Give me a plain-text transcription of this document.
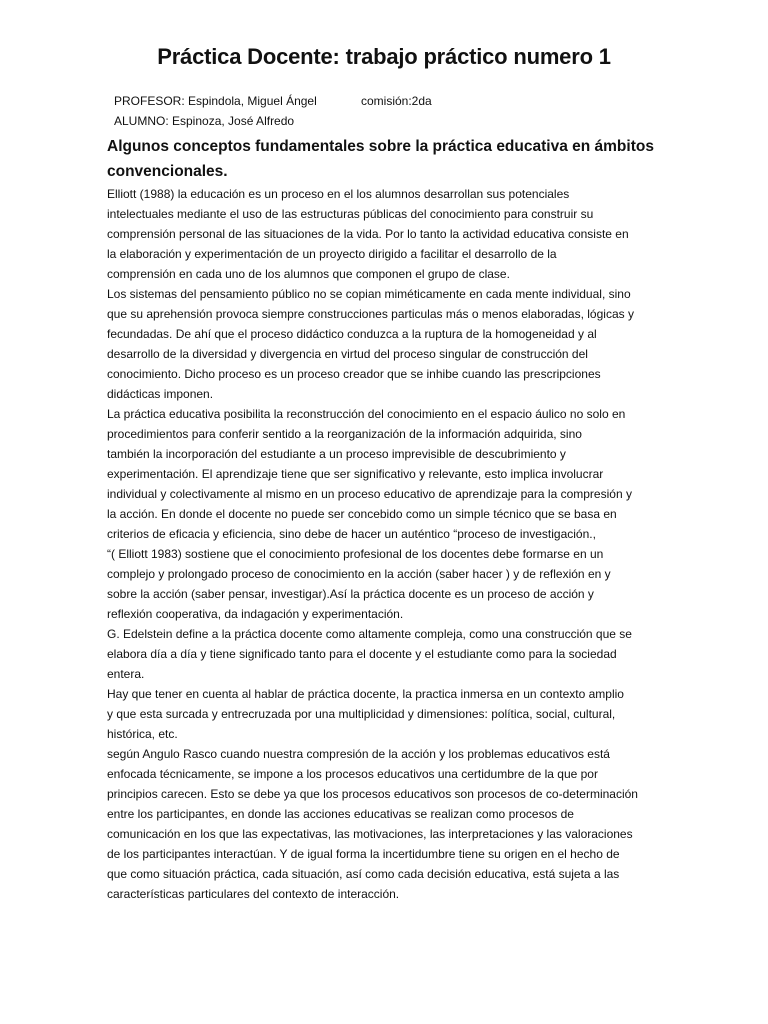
Práctica Docente: trabajo práctico numero 1

PROFESOR: Espindola, Miguel Ángel	comisión:2da

ALUMNO: Espinoza, José Alfredo

Algunos conceptos fundamentales sobre la práctica educativa en ámbitos
convencionales.
Elliott (1988) la educación es un proceso en el los alumnos desarrollan sus potenciales
intelectuales mediante el uso de las estructuras públicas del conocimiento para construir su
comprensión personal de las situaciones de la vida. Por lo tanto la actividad educativa consiste en
la elaboración y experimentación de un proyecto dirigido a facilitar el desarrollo de la
comprensión en cada uno de los alumnos que componen el grupo de clase.
Los sistemas del pensamiento público no se copian miméticamente en cada mente individual, sino
que su aprehensión provoca siempre construcciones particulas más o menos elaboradas, lógicas y
fecundadas. De ahí que el proceso didáctico conduzca a la ruptura de la homogeneidad y al
desarrollo de la diversidad y divergencia en virtud del proceso singular de construcción del
conocimiento. Dicho proceso es un proceso creador que se inhibe cuando las prescripciones
didácticas imponen.
La práctica educativa posibilita la reconstrucción del conocimiento en el espacio áulico no solo en
procedimientos para conferir sentido a la reorganización de la información adquirida, sino
también la incorporación del estudiante a un proceso imprevisible de descubrimiento y
experimentación. El aprendizaje tiene que ser significativo y relevante, esto implica involucrar
individual y colectivamente al mismo en un proceso educativo de aprendizaje para la compresión y
la acción. En donde el docente no puede ser concebido como un simple técnico que se basa en
criterios de eficacia y eficiencia, sino debe de hacer un auténtico “proceso de investigación.,
“( Elliott 1983) sostiene que el conocimiento profesional de los docentes debe formarse en un
complejo y prolongado proceso de conocimiento en la acción (saber hacer ) y de reflexión en y
sobre la acción (saber pensar, investigar).Así la práctica docente es un proceso de acción y
reflexión cooperativa, da indagación y experimentación.
G. Edelstein define a la práctica docente como altamente compleja, como una construcción que se
elabora día a día y tiene significado tanto para el docente y el estudiante como para la sociedad
entera.
Hay que tener en cuenta al hablar de práctica docente, la practica inmersa en un contexto amplio
y que esta surcada y entrecruzada por una multiplicidad y dimensiones: política, social, cultural,
histórica, etc.
según Angulo Rasco cuando nuestra compresión de la acción y los problemas educativos está
enfocada técnicamente, se impone a los procesos educativos una certidumbre de la que por
principios carecen. Esto se debe ya que los procesos educativos son procesos de co-determinación
entre los participantes, en donde las acciones educativas se realizan como procesos de
comunicación en los que las expectativas, las motivaciones, las interpretaciones y las valoraciones
de los participantes interactúan. Y de igual forma la incertidumbre tiene su origen en el hecho de
que como situación práctica, cada situación, así como cada decisión educativa, está sujeta a las
características particulares del contexto de interacción.
